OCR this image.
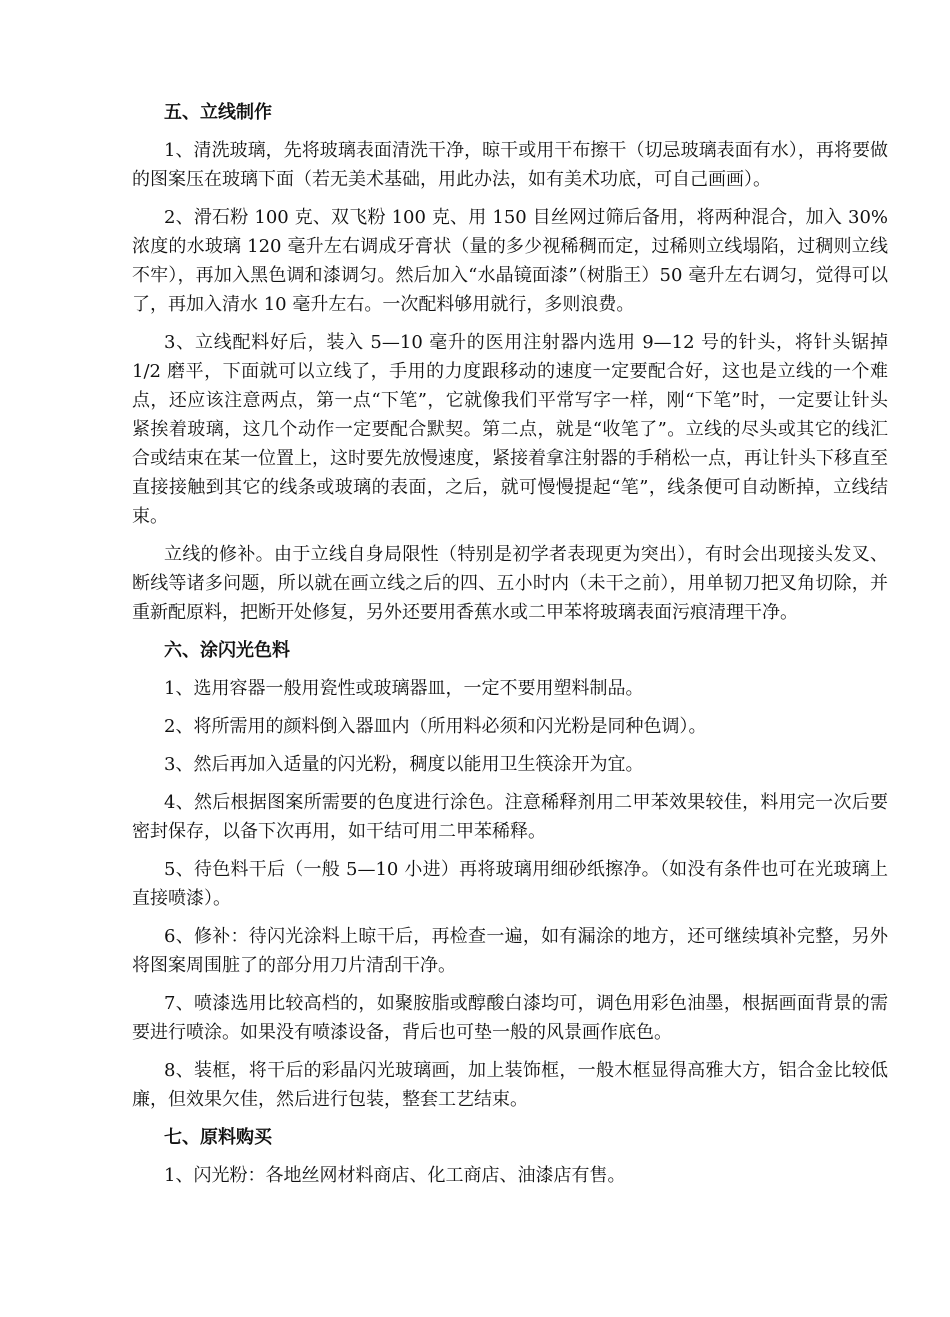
五、立线制作

1、清洗玻璃，先将玻璃表面清洗干净，晾干或用干布擦干（切忌玻璃表面有水），再将要做的图案压在玻璃下面（若无美术基础，用此办法，如有美术功底，可自己画画）。

2、滑石粉 100 克、双飞粉 100 克、用 150 目丝网过筛后备用，将两种混合，加入 30%浓度的水玻璃 120 毫升左右调成牙膏状（量的多少视稀稠而定，过稀则立线塌陷，过稠则立线不牢），再加入黑色调和漆调匀。然后加入“水晶镜面漆”（树脂王）50 毫升左右调匀，觉得可以了，再加入清水 10 毫升左右。一次配料够用就行，多则浪费。

3、立线配料好后，装入 5—10 毫升的医用注射器内选用 9—12 号的针头，将针头锯掉 1/2 磨平，下面就可以立线了，手用的力度跟移动的速度一定要配合好，这也是立线的一个难点，还应该注意两点，第一点“下笔”，它就像我们平常写字一样，刚“下笔”时，一定要让针头紧挨着玻璃，这几个动作一定要配合默契。第二点，就是“收笔了”。立线的尽头或其它的线汇合或结束在某一位置上，这时要先放慢速度，紧接着拿注射器的手稍松一点，再让针头下移直至直接接触到其它的线条或玻璃的表面，之后，就可慢慢提起“笔”，线条便可自动断掉，立线结束。

立线的修补。由于立线自身局限性（特别是初学者表现更为突出），有时会出现接头发叉、断线等诸多问题，所以就在画立线之后的四、五小时内（未干之前），用单韧刀把叉角切除，并重新配原料，把断开处修复，另外还要用香蕉水或二甲苯将玻璃表面污痕清理干净。

六、涂闪光色料

1、选用容器一般用瓷性或玻璃器皿，一定不要用塑料制品。

2、将所需用的颜料倒入器皿内（所用料必须和闪光粉是同种色调）。

3、然后再加入适量的闪光粉，稠度以能用卫生筷涂开为宜。

4、然后根据图案所需要的色度进行涂色。注意稀释剂用二甲苯效果较佳，料用完一次后要密封保存，以备下次再用，如干结可用二甲苯稀释。

5、待色料干后（一般 5—10 小进）再将玻璃用细砂纸擦净。（如没有条件也可在光玻璃上直接喷漆）。

6、修补：待闪光涂料上晾干后，再检查一遍，如有漏涂的地方，还可继续填补完整，另外将图案周围脏了的部分用刀片清刮干净。

7、喷漆选用比较高档的，如聚胺脂或醇酸白漆均可，调色用彩色油墨，根据画面背景的需要进行喷涂。如果没有喷漆设备，背后也可垫一般的风景画作底色。

8、装框，将干后的彩晶闪光玻璃画，加上装饰框，一般木框显得高雅大方，铝合金比较低廉，但效果欠佳，然后进行包装，整套工艺结束。

七、原料购买

1、闪光粉：各地丝网材料商店、化工商店、油漆店有售。
